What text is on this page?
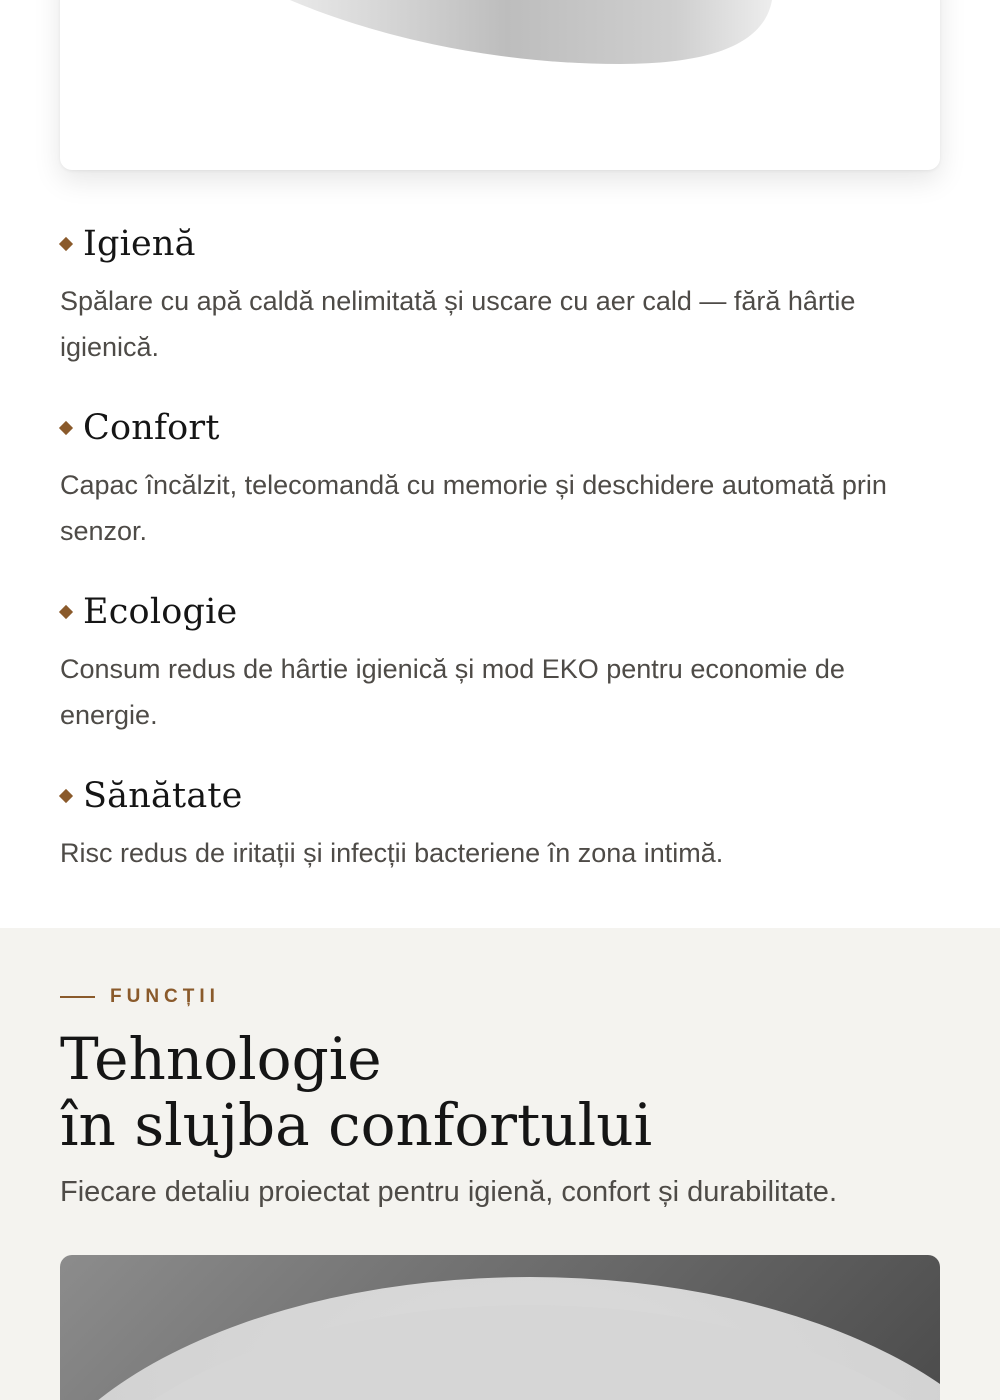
Igienă

Spălare cu apă caldă nelimitată și uscare cu aer cald — fără hârtie igienică.

Confort

Capac încălzit, telecomandă cu memorie și deschidere automată prin senzor.

Ecologie

Consum redus de hârtie igienică și mod EKO pentru economie de energie.

Sănătate

Risc redus de iritații și infecții bacteriene în zona intimă.

FUNCȚII
Tehnologie
în slujba confortului

Fiecare detaliu proiectat pentru igienă, confort și durabilitate.
